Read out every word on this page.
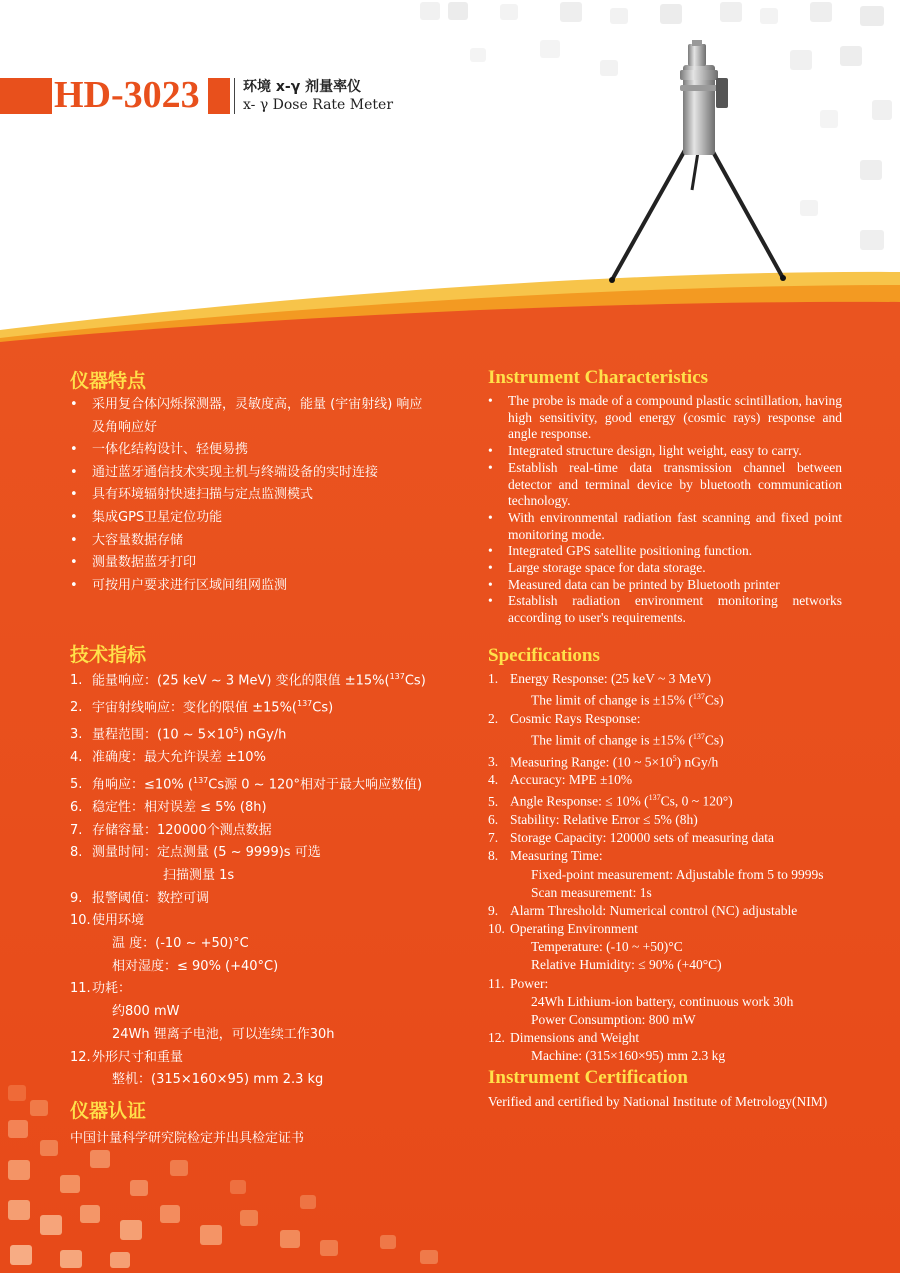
HD-3023	环境 x-γ 剂量率仪
x- γ Dose Rate Meter
仪器特点
• 采用复合体闪烁探测器，灵敏度高，能量 (宇宙射线) 响应及角响应好
• 一体化结构设计、轻便易携
• 通过蓝牙通信技术实现主机与终端设备的实时连接
• 具有环境辐射快速扫描与定点监测模式
• 集成GPS卫星定位功能
• 大容量数据存储
• 测量数据蓝牙打印
• 可按用户要求进行区域间组网监测
Instrument Characteristics
• The probe is made of a compound plastic scintillation, having high sensitivity, good energy (cosmic rays) response and angle response.
• Integrated structure design, light weight, easy to carry.
• Establish real-time data transmission channel between detector and terminal device by bluetooth communication technology.
• With environmental radiation fast scanning and fixed point monitoring mode.
• Integrated GPS satellite positioning function.
• Large storage space for data storage.
• Measured data can be printed by Bluetooth printer
• Establish radiation environment monitoring networks according to user's requirements.
技术指标
1. 能量响应：(25 keV ~ 3 MeV) 变化的限值 ±15%($^{137}$Cs)
2. 宇宙射线响应：变化的限值 ±15%($^{137}$Cs)
3. 量程范围：(10 ~ $5\times 10^5$) nGy/h
4. 准确度：最大允许误差 ±10%
5. 角响应：≤10% ($^{137}$Cs源 0 ~ 120°相对于最大响应数值)
6. 稳定性：相对误差 ≤ 5% (8h)
7. 存储容量：120000个测点数据
8. 测量时间：定点测量 (5 ~ 9999)s 可选
扫描测量 1s
9. 报警阈值：数控可调
10.使用环境
温 度：(-10 ~ +50)°C
相对湿度：≤ 90% (+40°C)
11.功耗：
约800 mW
24Wh 锂离子电池，可以连续工作30h
12.外形尺寸和重量
整机：(315×160×95) mm 2.3 kg
Specifications
1. Energy Response: (25 keV ~ 3 MeV)
The limit of change is ±15% ($^{137}$Cs)
2. Cosmic Rays Response:
The limit of change is ±15% ($^{137}$Cs)
3. Measuring Range: (10 ~ $5\times 10^5$) nGy/h
4. Accuracy: MPE ±10%
5. Angle Response: ≤ 10% ($^{137}$Cs, 0 ~ 120°)
6. Stability: Relative Error ≤ 5% (8h)
7. Storage Capacity: 120000 sets of measuring data
8. Measuring Time:
Fixed-point measurement: Adjustable from 5 to 9999s
Scan measurement: 1s
9. Alarm Threshold: Numerical control (NC) adjustable
10. Operating Environment
Temperature: (-10 ~ +50)°C
Relative Humidity: ≤ 90% (+40°C)
11. Power:
24Wh Lithium-ion battery, continuous work 30h
Power Consumption: 800 mW
12. Dimensions and Weight
Machine: (315×160×95) mm 2.3 kg
仪器认证
中国计量科学研究院检定并出具检定证书
Instrument Certification
Verified and certified by National Institute of Metrology(NIM)
